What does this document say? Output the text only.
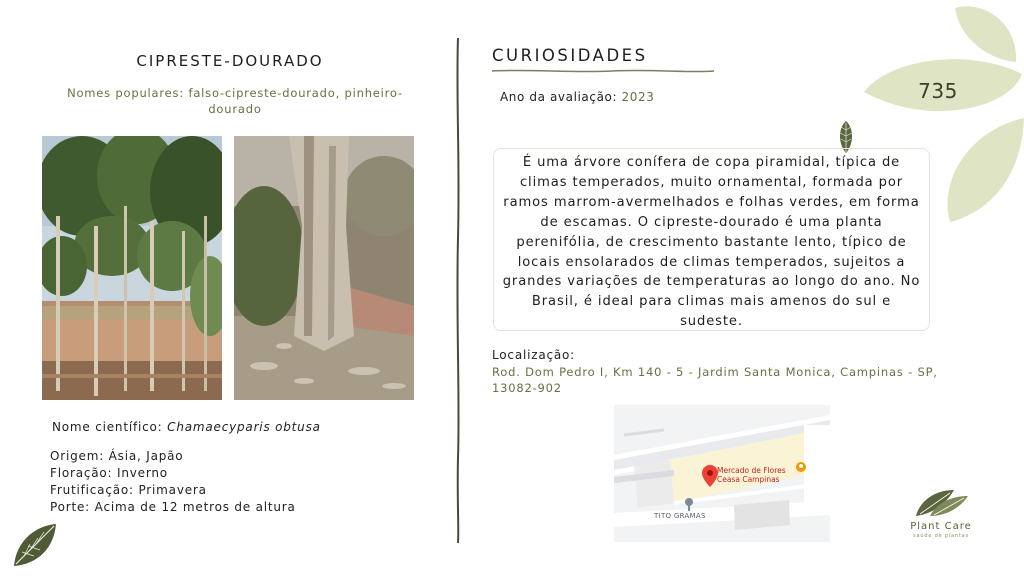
CIPRESTE-DOURADO
Nomes populares: falso-cipreste-dourado, pinheiro-dourado
Nome científico: Chamaecyparis obtusa
Origem: Ásia, Japão
Floração: Inverno
Frutificação: Primavera
Porte: Acima de 12 metros de altura
CURIOSIDADES
Ano da avaliação: 2023
É uma árvore conífera de copa piramidal, típica de climas temperados, muito ornamental, formada por ramos marrom-avermelhados e folhas verdes, em forma de escamas. O cipreste-dourado é uma planta perenifólia, de crescimento bastante lento, típico de locais ensolarados de climas temperados, sujeitos a grandes variações de temperaturas ao longo do ano. No Brasil, é ideal para climas mais amenos do sul e sudeste.
Localização:
Rod. Dom Pedro I, Km 140 - 5 - Jardim Santa Monica, Campinas - SP, 13082-902
Mercado de Flores
Ceasa Campinas
TITO GRAMAS
735
Plant Care
saúde de plantas
